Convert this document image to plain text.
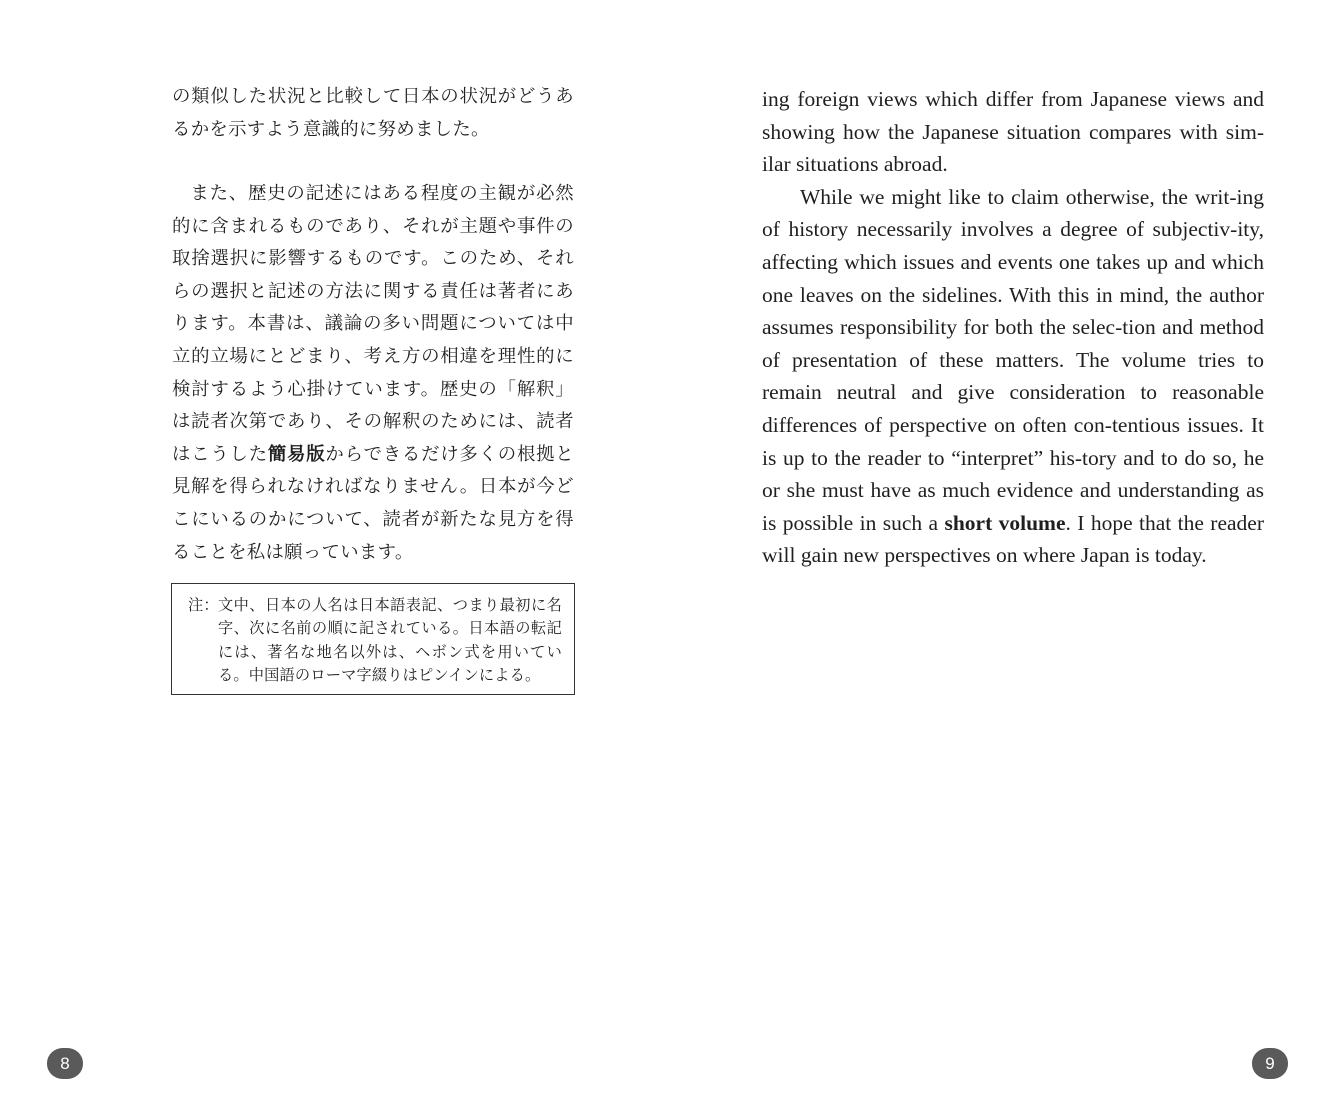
の類似した状況と比較して日本の状況がどうあるかを示すよう意識的に努めました。

また、歴史の記述にはある程度の主観が必然的に含まれるものであり、それが主題や事件の取捨選択に影響するものです。このため、それらの選択と記述の方法に関する責任は著者にあります。本書は、議論の多い問題については中立的立場にとどまり、考え方の相違を理性的に検討するよう心掛けています。歴史の「解釈」は読者次第であり、その解釈のためには、読者はこうした簡易版からできるだけ多くの根拠と見解を得られなければなりません。日本が今どこにいるのかについて、読者が新たな見方を得ることを私は願っています。

注： 文中、日本の人名は日本語表記、つまり最初に名字、次に名前の順に記されている。日本語の転記には、著名な地名以外は、ヘボン式を用いている。中国語のローマ字綴りはピンインによる。
8

ing foreign views which differ from Japanese views and showing how the Japanese situation compares with sim-ilar situations abroad.

While we might like to claim otherwise, the writ-ing of history necessarily involves a degree of subjectiv-ity, affecting which issues and events one takes up and which one leaves on the sidelines. With this in mind, the author assumes responsibility for both the selec-tion and method of presentation of these matters. The volume tries to remain neutral and give consideration to reasonable differences of perspective on often con-tentious issues. It is up to the reader to “interpret” his-tory and to do so, he or she must have as much evidence and understanding as is possible in such a short volume. I hope that the reader will gain new perspectives on where Japan is today.

9
